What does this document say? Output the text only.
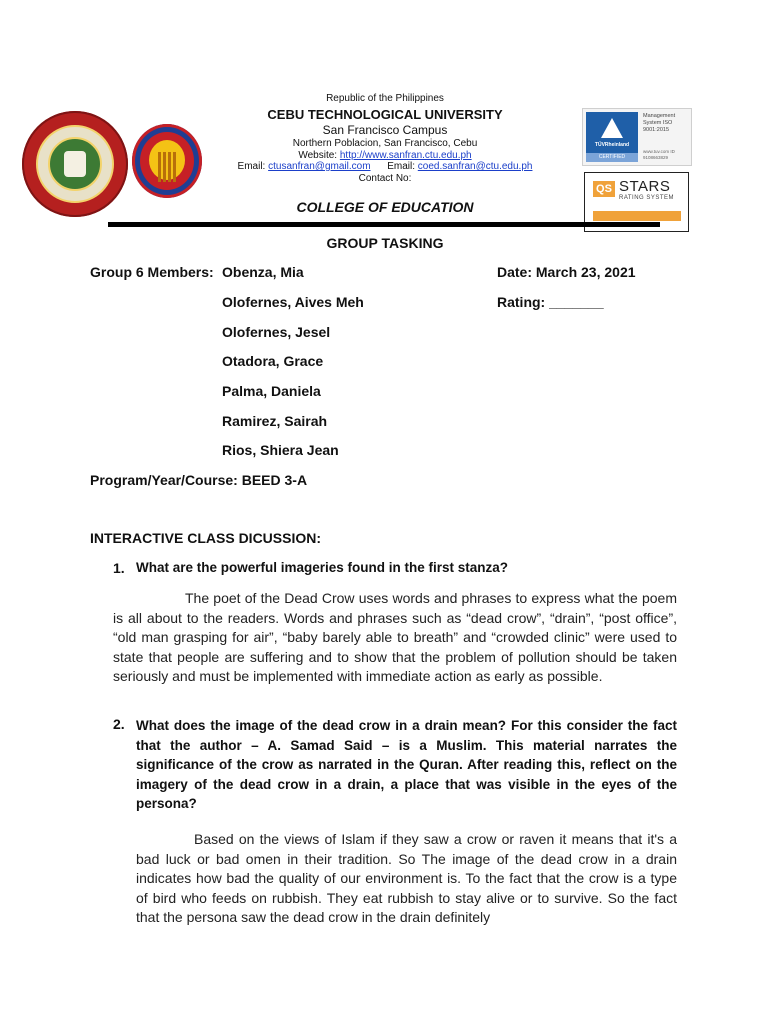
TÜVRheinland
CERTIFIED
Management System ISO 9001:2015
www.tuv.com ID 9108663829
QS STARS
RATING SYSTEM
Republic of the Philippines
CEBU TECHNOLOGICAL UNIVERSITY
San Francisco Campus
Northern Poblacion, San Francisco, Cebu
Website: http://www.sanfran.ctu.edu.ph
Email: ctusanfran@gmail.com Email: coed.sanfran@ctu.edu.ph
Contact No:
COLLEGE OF EDUCATION
GROUP TASKING
Group 6 Members: Obenza, Mia
Olofernes, Aives Meh
Olofernes, Jesel
Otadora, Grace
Palma, Daniela
Ramirez, Sairah
Rios, Shiera Jean
Date: March 23, 2021
Rating: _______
Program/Year/Course: BEED 3-A
INTERACTIVE CLASS DICUSSION:
1. What are the powerful imageries found in the first stanza?
The poet of the Dead Crow uses words and phrases to express what the poem is all about to the readers. Words and phrases such as “dead crow”, “drain”, “post office”, “old man grasping for air”, “baby barely able to breath” and “crowded clinic” were used to state that people are suffering and to show that the problem of pollution should be taken seriously and must be implemented with immediate action as early as possible.
2. What does the image of the dead crow in a drain mean? For this consider the fact that the author – A. Samad Said – is a Muslim. This material narrates the significance of the crow as narrated in the Quran. After reading this, reflect on the imagery of the dead crow in a drain, a place that was visible in the eyes of the persona?
Based on the views of Islam if they saw a crow or raven it means that it's a bad luck or bad omen in their tradition. So The image of the dead crow in a drain indicates how bad the quality of our environment is. To the fact that the crow is a type of bird who feeds on rubbish. They eat rubbish to stay alive or to survive. So the fact that the persona saw the dead crow in the drain definitely
